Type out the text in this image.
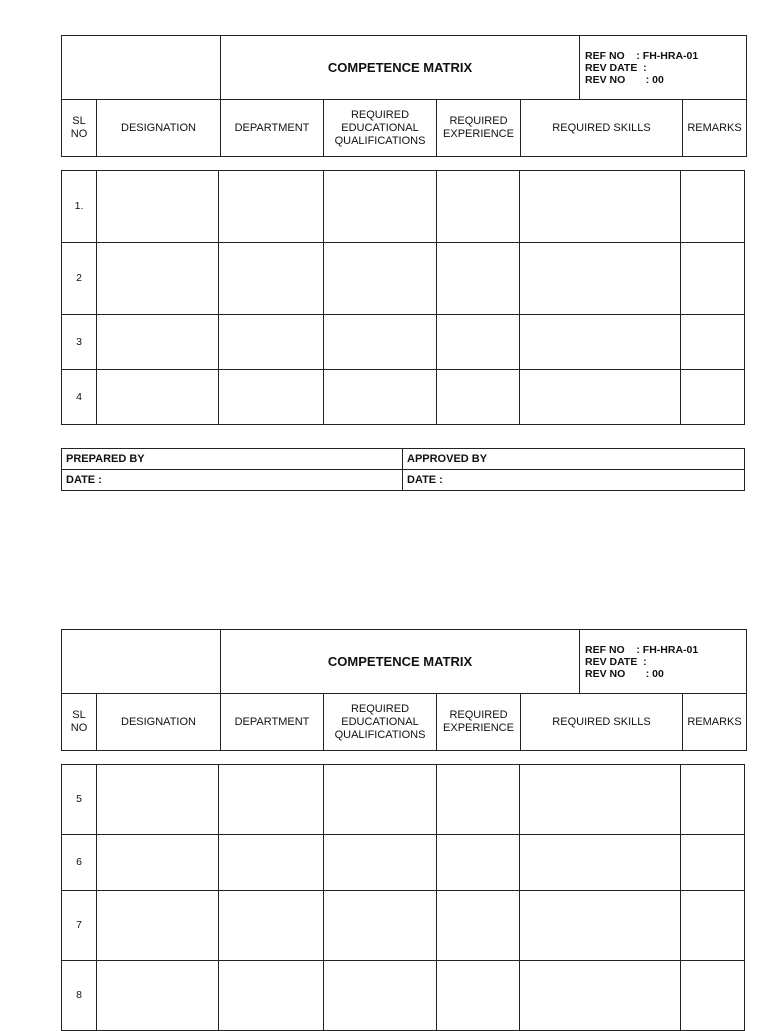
		COMPETENCE MATRIX				REF NO    : FH-HRA-01
REV DATE  :
REV NO       : 00	

SL
NO	DESIGNATION	DEPARTMENT	REQUIRED
EDUCATIONAL
QUALIFICATIONS	REQUIRED
EXPERIENCE	REQUIRED SKILLS		REMARKS
1.						
2						
3						
4						
PREPARED BY	APPROVED BY
DATE :	DATE :
		COMPETENCE MATRIX				REF NO    : FH-HRA-01
REV DATE  :
REV NO       : 00	

SL
NO	DESIGNATION	DEPARTMENT	REQUIRED
EDUCATIONAL
QUALIFICATIONS	REQUIRED
EXPERIENCE	REQUIRED SKILLS		REMARKS
5						
6						
7						
8						
